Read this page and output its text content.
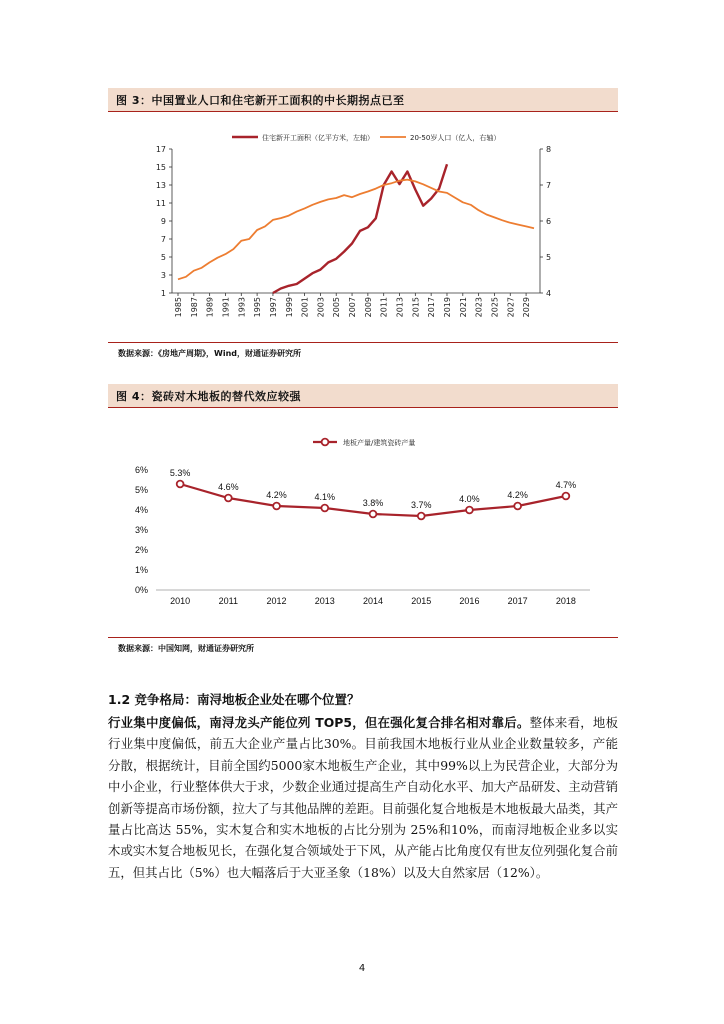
图 3：中国置业人口和住宅新开工面积的中长期拐点已至
住宅新开工面积（亿平方米，左轴）	20-50岁人口（亿人，右轴）
1
3
5
7
9
11
13
15
17
4
5
6
7
8
1985 1987 1989 1991 1993 1995 1997 1999 2001 2003 2005 2007 2009 2011 2013 2015 2017 2019 2021 2023 2025 2027 2029
数据来源：《房地产周期》，Wind，财通证券研究所
图 4：瓷砖对木地板的替代效应较强
地板产量/建筑瓷砖产量
0%
1%
2%
3%
4%
5%
6%
2010	2011	2012	2013	2014	2015	2016	2017	2018
5.3%
4.6%
4.2%	4.1%
3.8%	3.7%
4.0%	4.2%
4.7%
数据来源：中国知网，财通证券研究所
1.2 竞争格局：南浔地板企业处在哪个位置？
行业集中度偏低，南浔龙头产能位列 TOP5，但在强化复合排名相对靠后。整体来看，地板行业集中度偏低，前五大企业产量占比30%。目前我国木地板行业从业企业数量较多，产能分散，根据统计，目前全国约5000家木地板生产企业，其中99%以上为民营企业，大部分为中小企业，行业整体供大于求，少数企业通过提高生产自动化水平、加大产品研发、主动营销创新等提高市场份额，拉大了与其他品牌的差距。目前强化复合地板是木地板最大品类，其产量占比高达 55%，实木复合和实木地板的占比分别为 25%和10%，而南浔地板企业多以实木或实木复合地板见长，在强化复合领域处于下风，从产能占比角度仅有世友位列强化复合前五，但其占比（5%）也大幅落后于大亚圣象（18%）以及大自然家居（12%）。
4
